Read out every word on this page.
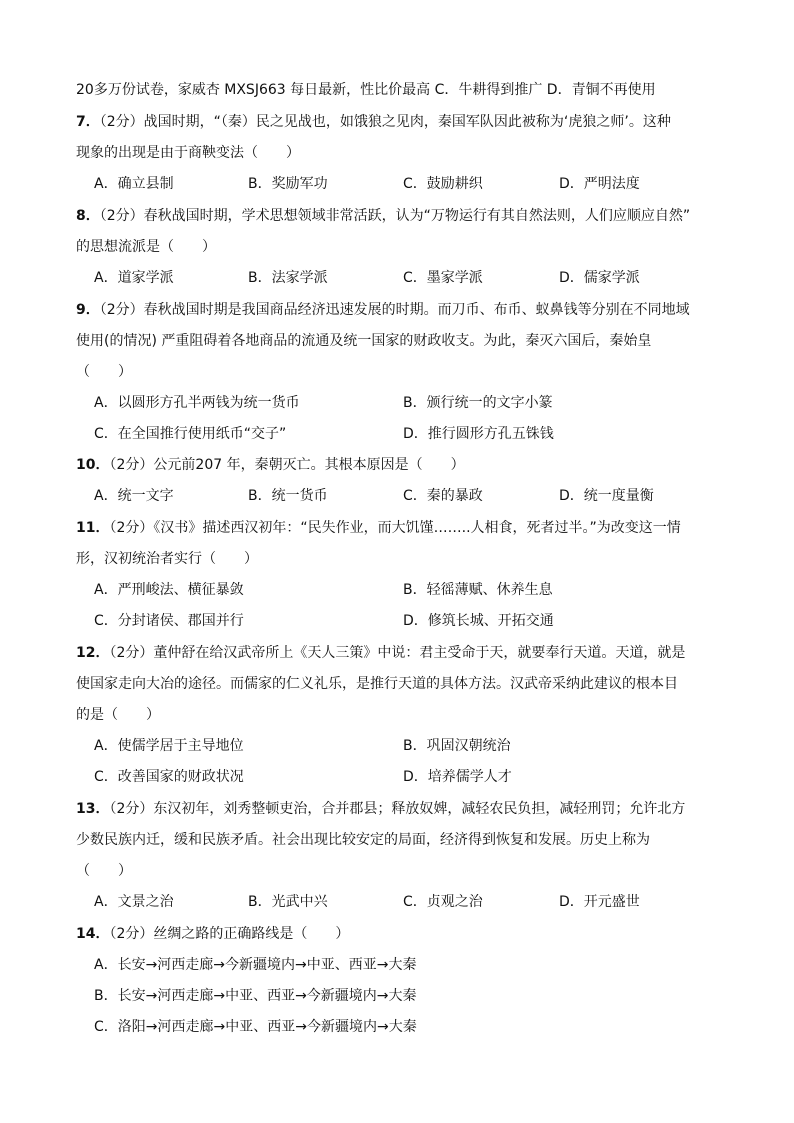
20多万份试卷，家威杏 MXSJ663 每日最新，性比价最高 C．牛耕得到推广 D．青铜不再使用
7．（2分）战国时期，“（秦）民之见战也，如饿狼之见肉，秦国军队因此被称为‘虎狼之师’。这种
现象的出现是由于商鞅变法（　　）
A．确立县制	B．奖励军功	C．鼓励耕织	D．严明法度
8．（2分）春秋战国时期，学术思想领域非常活跃，认为“万物运行有其自然法则，人们应顺应自然”
的思想流派是（　　）
A．道家学派	B．法家学派	C．墨家学派	D．儒家学派
9．（2分）春秋战国时期是我国商品经济迅速发展的时期。而刀币、布币、蚁鼻钱等分别在不同地域
使用(的情况) 严重阻碍着各地商品的流通及统一国家的财政收支。为此，秦灭六国后，秦始皇
（　　）
A．以圆形方孔半两钱为统一货币	B．颁行统一的文字小篆
C．在全国推行使用纸币“交子”	D．推行圆形方孔五铢钱
10．（2分）公元前207 年，秦朝灭亡。其根本原因是（　　）
A．统一文字	B．统一货币	C．秦的暴政	D．统一度量衡
11．（2分）《汉书》描述西汉初年：“民失作业，而大饥馑……..人相食，死者过半。”为改变这一情
形，汉初统治者实行（　　）
A．严刑峻法、横征暴敛	B．轻徭薄赋、休养生息
C．分封诸侯、郡国并行	D．修筑长城、开拓交通
12．（2分）董仲舒在给汉武帝所上《天人三策》中说：君主受命于天，就要奉行天道。天道，就是
使国家走向大冶的途径。而儒家的仁义礼乐，是推行天道的具体方法。汉武帝采纳此建议的根本目
的是（　　）
A．使儒学居于主导地位	B．巩固汉朝统治
C．改善国家的财政状况	D．培养儒学人才
13．（2分）东汉初年，刘秀整顿吏治，合并郡县；释放奴婢，减轻农民负担，减轻刑罚；允许北方
少数民族内迁，缓和民族矛盾。社会出现比较安定的局面，经济得到恢复和发展。历史上称为
（　　）
A．文景之治	B．光武中兴	C．贞观之治	D．开元盛世
14．（2分）丝绸之路的正确路线是（　　）
A．长安→河西走廊→今新疆境内→中亚、西亚→大秦
B．长安→河西走廊→中亚、西亚→今新疆境内→大秦
C．洛阳→河西走廊→中亚、西亚→今新疆境内→大秦
